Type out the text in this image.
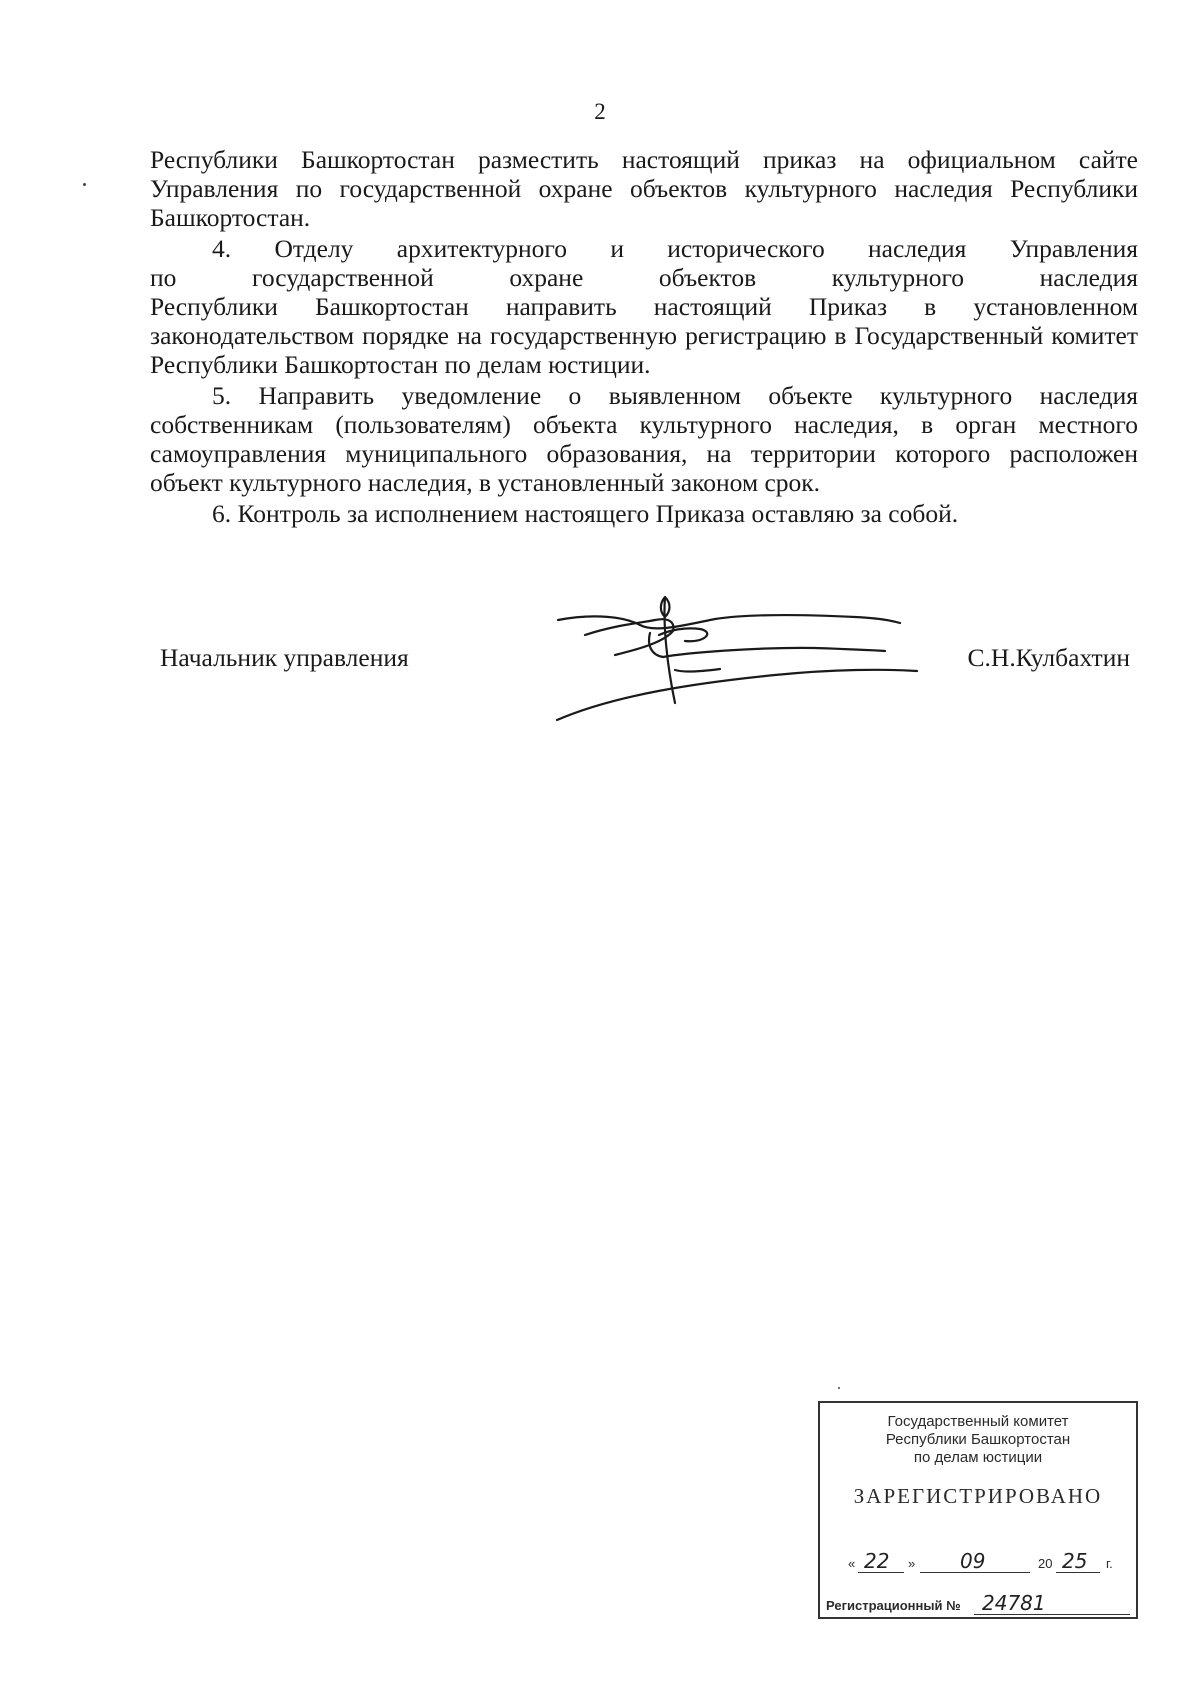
2

Республики Башкортостан разместить настоящий приказ на официальном сайте Управления по государственной охране объектов культурного наследия Республики Башкортостан.

4. Отделу архитектурного и исторического наследия Управления

по государственной охране объектов культурного наследия

Республики Башкортостан направить настоящий Приказ в установленном законодательством порядке на государственную регистрацию в Государственный комитет Республики Башкортостан по делам юстиции.

5. Направить уведомление о выявленном объекте культурного наследия собственникам (пользователям) объекта культурного наследия, в орган местного самоуправления муниципального образования, на территории которого расположен объект культурного наследия, в установленный законом срок.

6. Контроль за исполнением настоящего Приказа оставляю за собой.

Начальник управления	С.Н.Кулбахтин
Государственный комитет
Республики Башкортостан
по делам юстиции
ЗАРЕГИСТРИРОВАНО
« 22 » 09	20 25 г.
Регистрационный № 24781
